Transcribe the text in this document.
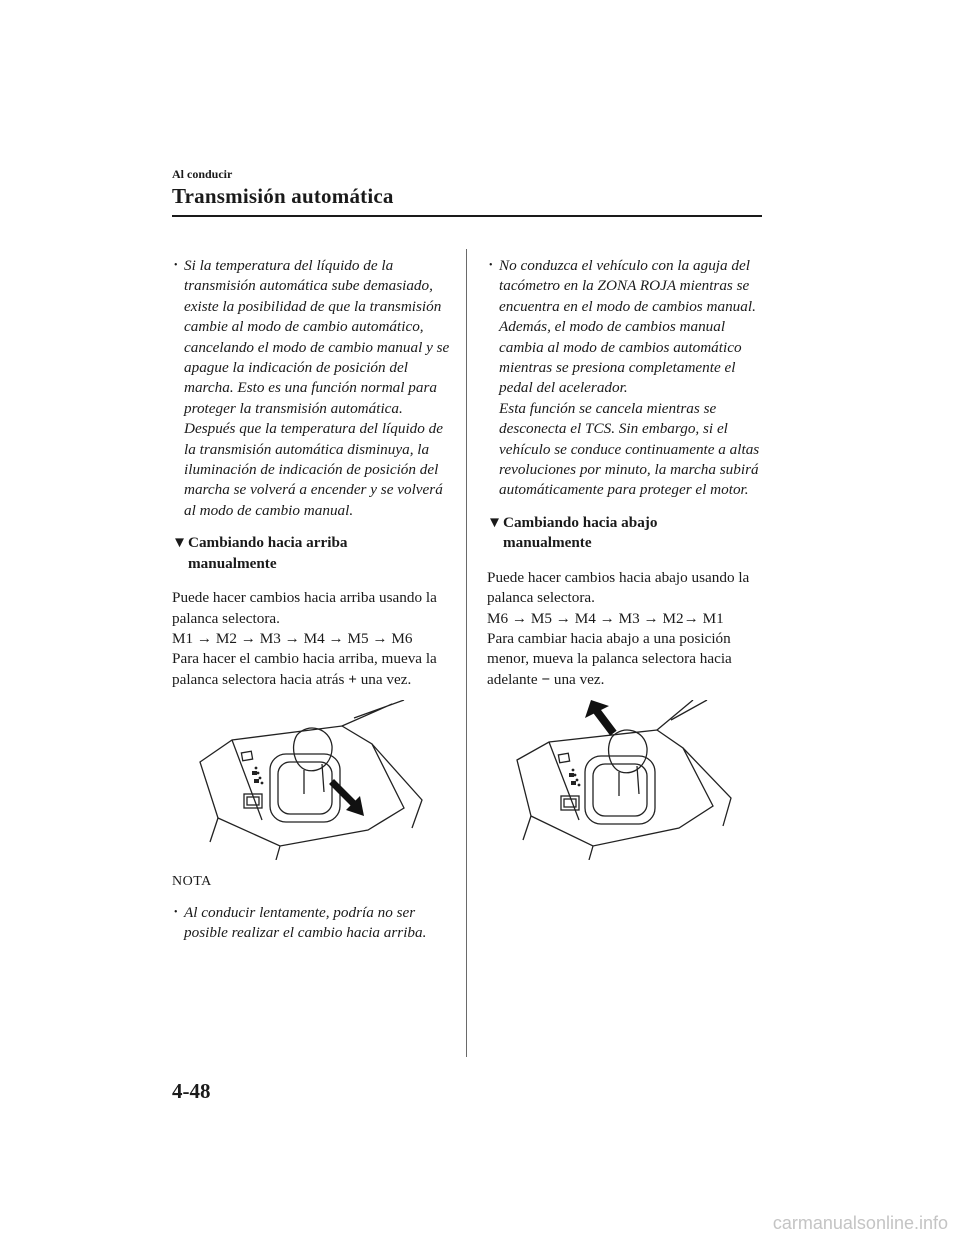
Al conducir
Transmisión automática
• Si la temperatura del líquido de la transmisión automática sube demasiado, existe la posibilidad de que la transmisión cambie al modo de cambio automático, cancelando el modo de cambio manual y se apague la indicación de posición del marcha. Esto es una función normal para proteger la transmisión automática. Después que la temperatura del líquido de la transmisión automática disminuya, la iluminación de indicación de posición del marcha se volverá a encender y se volverá al modo de cambio manual.
▼ Cambiando hacia arriba
manualmente
Puede hacer cambios hacia arriba usando la palanca selectora.
M1 → M2 → M3 → M4 → M5 → M6
Para hacer el cambio hacia arriba, mueva la palanca selectora hacia atrás + una vez.
NOTA
• Al conducir lentamente, podría no ser posible realizar el cambio hacia arriba.
• No conduzca el vehículo con la aguja del tacómetro en la ZONA ROJA mientras se encuentra en el modo de cambios manual. Además, el modo de cambios manual cambia al modo de cambios automático mientras se presiona completamente el pedal del acelerador.
Esta función se cancela mientras se desconecta el TCS. Sin embargo, si el vehículo se conduce continuamente a altas revoluciones por minuto, la marcha subirá automáticamente para proteger el motor.
▼ Cambiando hacia abajo
manualmente
Puede hacer cambios hacia abajo usando la palanca selectora.
M6 → M5 → M4 → M3 → M2→ M1
Para cambiar hacia abajo a una posición menor, mueva la palanca selectora hacia adelante − una vez.
4-48
carmanualsonline.info
